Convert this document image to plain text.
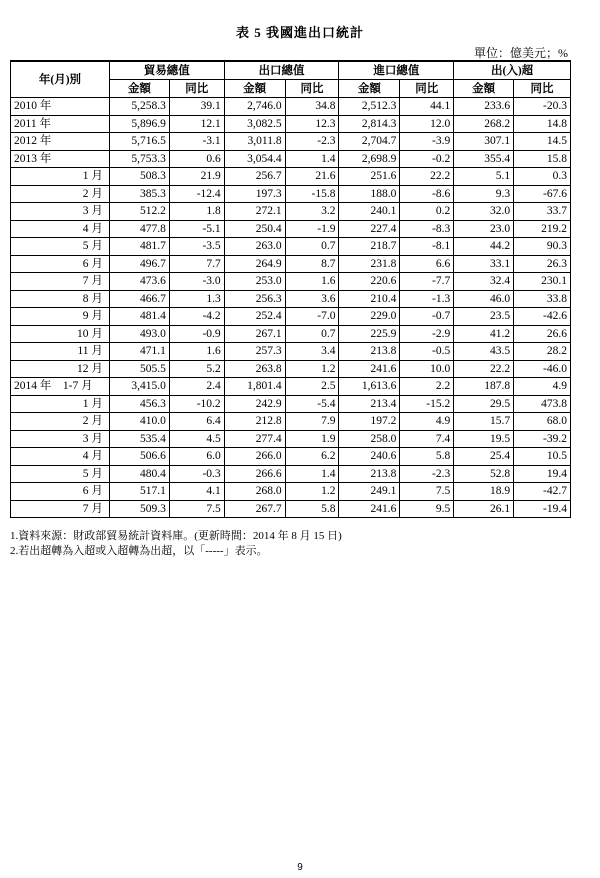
表 5 我國進出口統計
單位：億美元；%
年(月)別	貿易總值		出口總值		進口總值		出(入)超	
	金額	同比	金額	同比	金額	同比	金額	同比
2010 年	5,258.3	39.1	2,746.0	34.8	2,512.3	44.1	233.6	-20.3
2011 年	5,896.9	12.1	3,082.5	12.3	2,814.3	12.0	268.2	14.8
2012 年	5,716.5	-3.1	3,011.8	-2.3	2,704.7	-3.9	307.1	14.5
2013 年	5,753.3	0.6	3,054.4	1.4	2,698.9	-0.2	355.4	15.8
1 月	508.3	21.9	256.7	21.6	251.6	22.2	5.1	0.3
2 月	385.3	-12.4	197.3	-15.8	188.0	-8.6	9.3	-67.6
3 月	512.2	1.8	272.1	3.2	240.1	0.2	32.0	33.7
4 月	477.8	-5.1	250.4	-1.9	227.4	-8.3	23.0	219.2
5 月	481.7	-3.5	263.0	0.7	218.7	-8.1	44.2	90.3
6 月	496.7	7.7	264.9	8.7	231.8	6.6	33.1	26.3
7 月	473.6	-3.0	253.0	1.6	220.6	-7.7	32.4	230.1
8 月	466.7	1.3	256.3	3.6	210.4	-1.3	46.0	33.8
9 月	481.4	-4.2	252.4	-7.0	229.0	-0.7	23.5	-42.6
10 月	493.0	-0.9	267.1	0.7	225.9	-2.9	41.2	26.6
11 月	471.1	1.6	257.3	3.4	213.8	-0.5	43.5	28.2
12 月	505.5	5.2	263.8	1.2	241.6	10.0	22.2	-46.0
2014 年　1-7 月	3,415.0	2.4	1,801.4	2.5	1,613.6	2.2	187.8	4.9
1 月	456.3	-10.2	242.9	-5.4	213.4	-15.2	29.5	473.8
2 月	410.0	6.4	212.8	7.9	197.2	4.9	15.7	68.0
3 月	535.4	4.5	277.4	1.9	258.0	7.4	19.5	-39.2
4 月	506.6	6.0	266.0	6.2	240.6	5.8	25.4	10.5
5 月	480.4	-0.3	266.6	1.4	213.8	-2.3	52.8	19.4
6 月	517.1	4.1	268.0	1.2	249.1	7.5	18.9	-42.7
7 月	509.3	7.5	267.7	5.8	241.6	9.5	26.1	-19.4
1.資料來源：財政部貿易統計資料庫。(更新時間：2014 年 8 月 15 日)
2.若出超轉為入超或入超轉為出超，以「-----」表示。
9
